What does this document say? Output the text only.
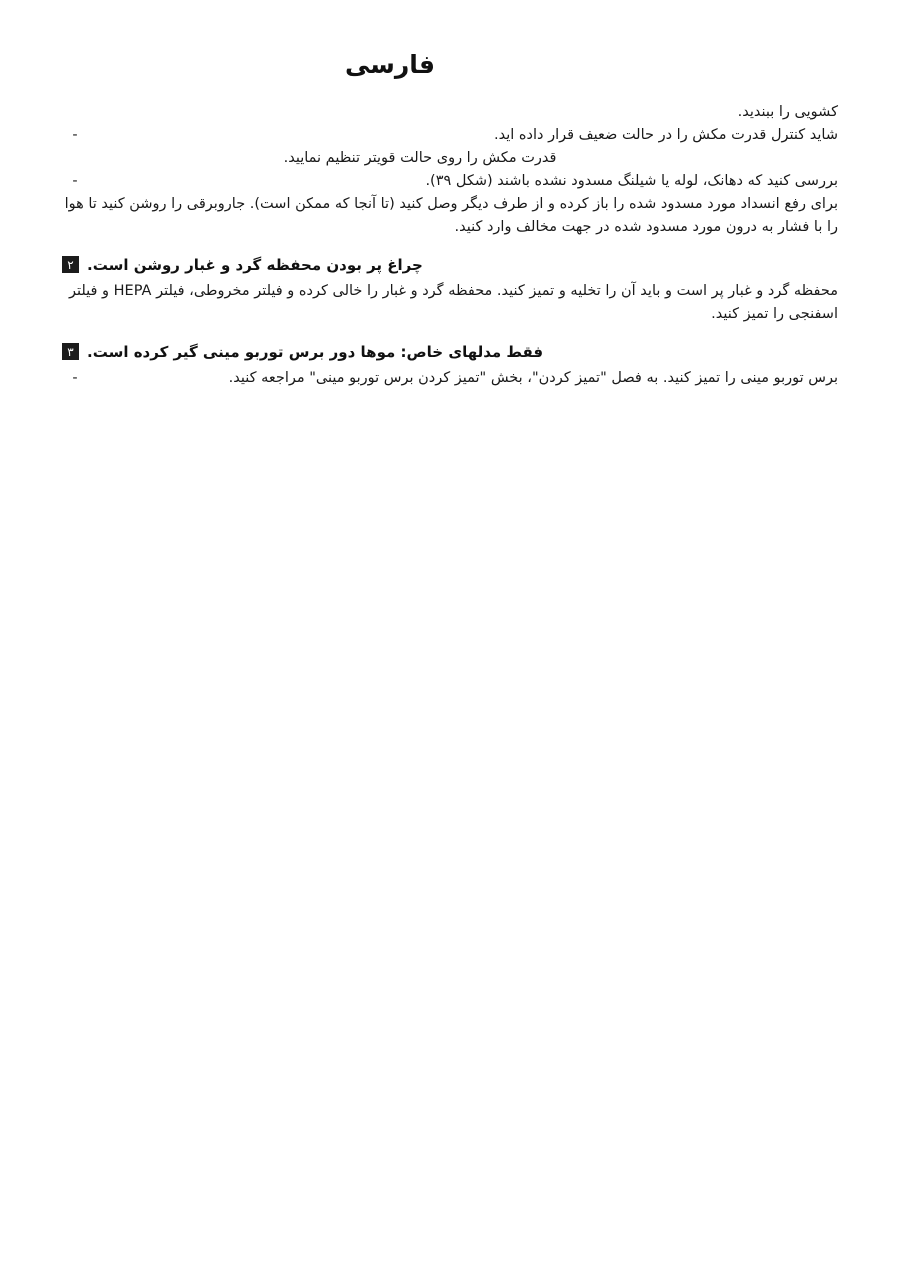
فارسی
کشویی را ببندید.
-	شاید کنترل قدرت مکش را در حالت ضعیف قرار داده اید.
قدرت مکش را روی حالت قویتر تنظیم نمایید.
-	بررسی کنید که دهانک، لوله یا شیلنگ مسدود نشده باشند (شکل ۳۹).
برای رفع انسداد مورد مسدود شده را باز کرده و از طرف دیگر وصل کنید (تا آنجا که ممکن است). جاروبرقی را روشن کنید تا هوا را با فشار به درون مورد مسدود شده در جهت مخالف وارد کنید.
۲ چراغ پر بودن محفظه گرد و غبار روشن است.
محفظه گرد و غبار پر است و باید آن را تخلیه و تمیز کنید. محفظه گرد و غبار را خالی کرده و فیلتر مخروطی، فیلتر HEPA و فیلتر اسفنجی را تمیز کنید.
۳ فقط مدلهای خاص: موها دور برس توربو مینی گیر کرده است.
-	برس توربو مینی را تمیز کنید. به فصل "تمیز کردن"، بخش "تمیز کردن برس توربو مینی" مراجعه کنید.
